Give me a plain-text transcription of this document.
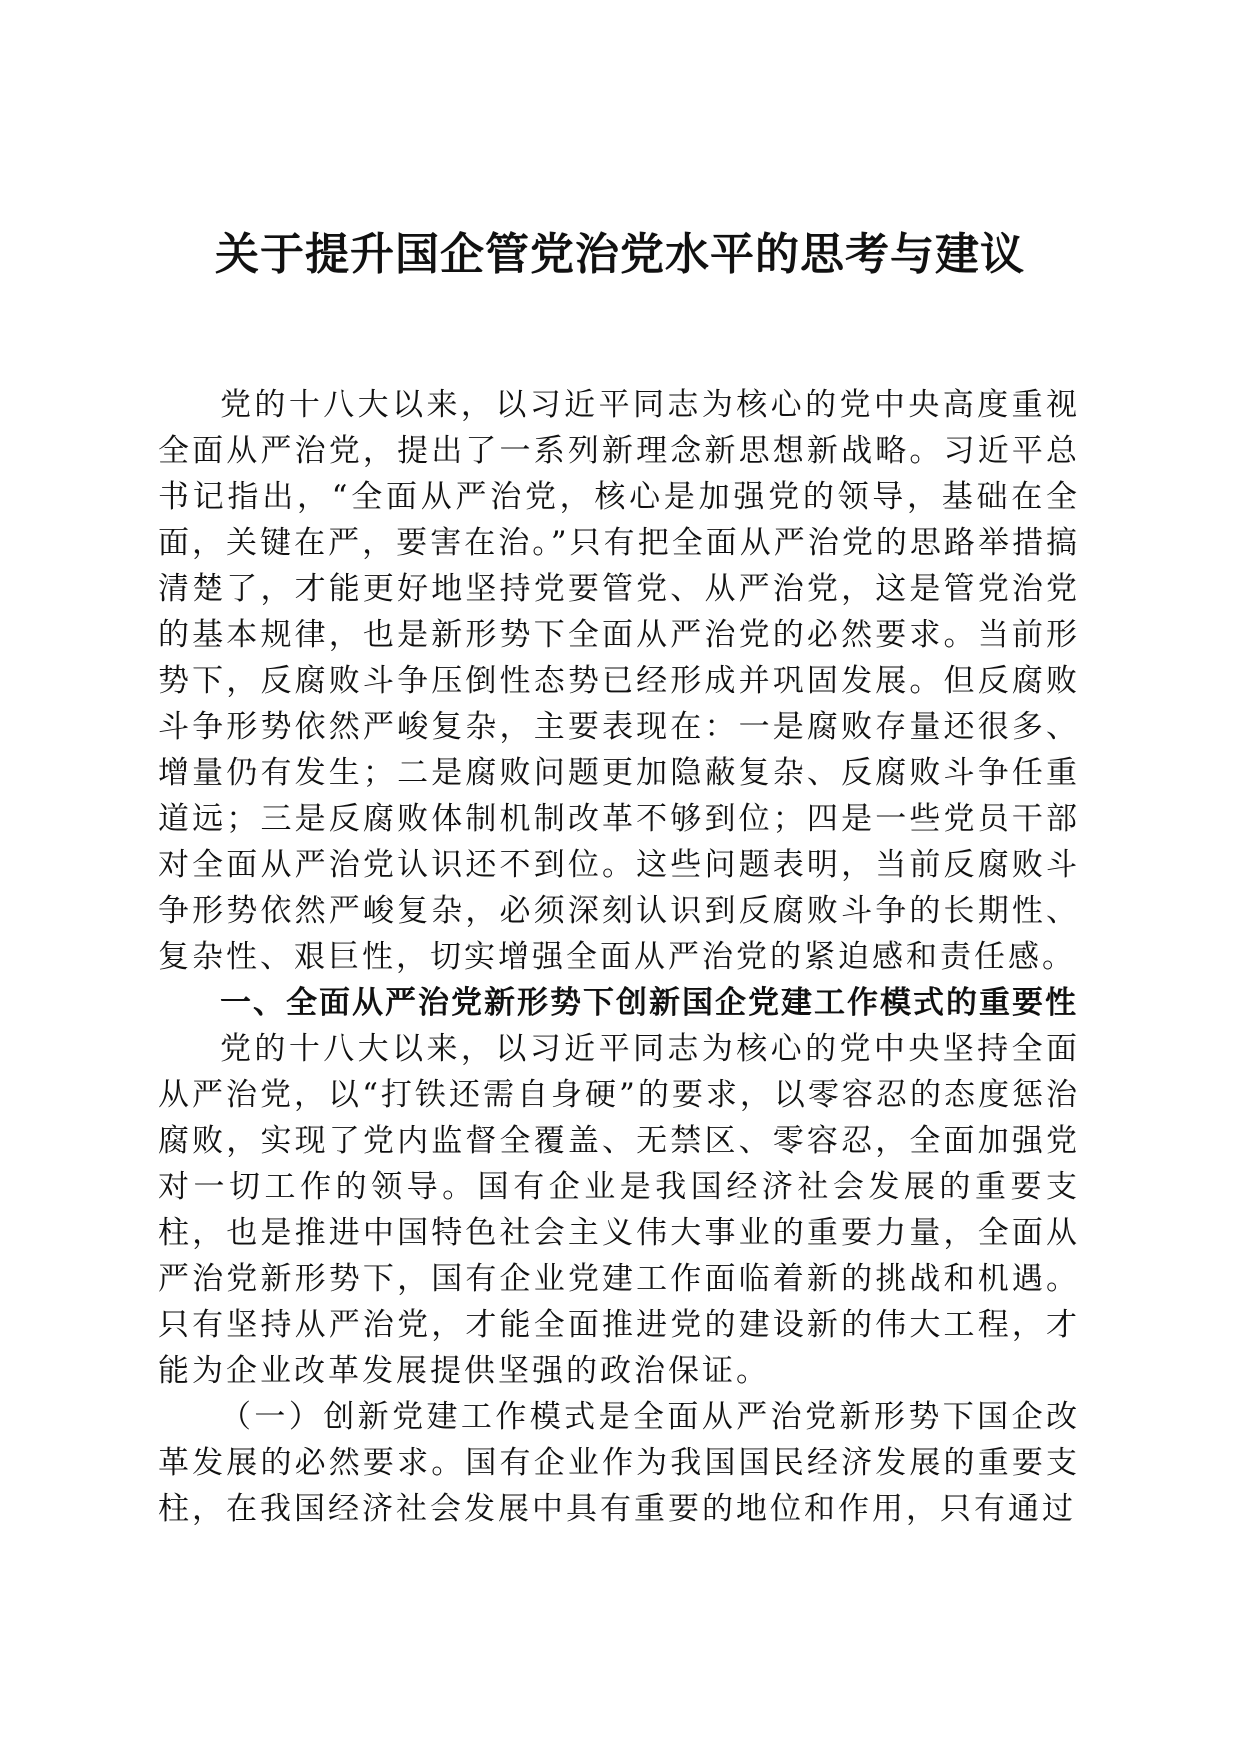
关于提升国企管党治党水平的思考与建议

党的十八大以来，以习近平同志为核心的党中央高度重视全面从严治党，提出了一系列新理念新思想新战略。习近平总书记指出，“全面从严治党，核心是加强党的领导，基础在全面，关键在严，要害在治。”只有把全面从严治党的思路举措搞清楚了，才能更好地坚持党要管党、从严治党，这是管党治党的基本规律，也是新形势下全面从严治党的必然要求。当前形势下，反腐败斗争压倒性态势已经形成并巩固发展。但反腐败斗争形势依然严峻复杂，主要表现在：一是腐败存量还很多、增量仍有发生；二是腐败问题更加隐蔽复杂、反腐败斗争任重道远；三是反腐败体制机制改革不够到位；四是一些党员干部对全面从严治党认识还不到位。这些问题表明，当前反腐败斗争形势依然严峻复杂，必须深刻认识到反腐败斗争的长期性、复杂性、艰巨性，切实增强全面从严治党的紧迫感和责任感。

一、全面从严治党新形势下创新国企党建工作模式的重要性

党的十八大以来，以习近平同志为核心的党中央坚持全面从严治党，以“打铁还需自身硬”的要求，以零容忍的态度惩治腐败，实现了党内监督全覆盖、无禁区、零容忍，全面加强党对一切工作的领导。国有企业是我国经济社会发展的重要支柱，也是推进中国特色社会主义伟大事业的重要力量，全面从严治党新形势下，国有企业党建工作面临着新的挑战和机遇。只有坚持从严治党，才能全面推进党的建设新的伟大工程，才能为企业改革发展提供坚强的政治保证。

（一）创新党建工作模式是全面从严治党新形势下国企改革发展的必然要求。国有企业作为我国国民经济发展的重要支柱，在我国经济社会发展中具有重要的地位和作用，只有通过
